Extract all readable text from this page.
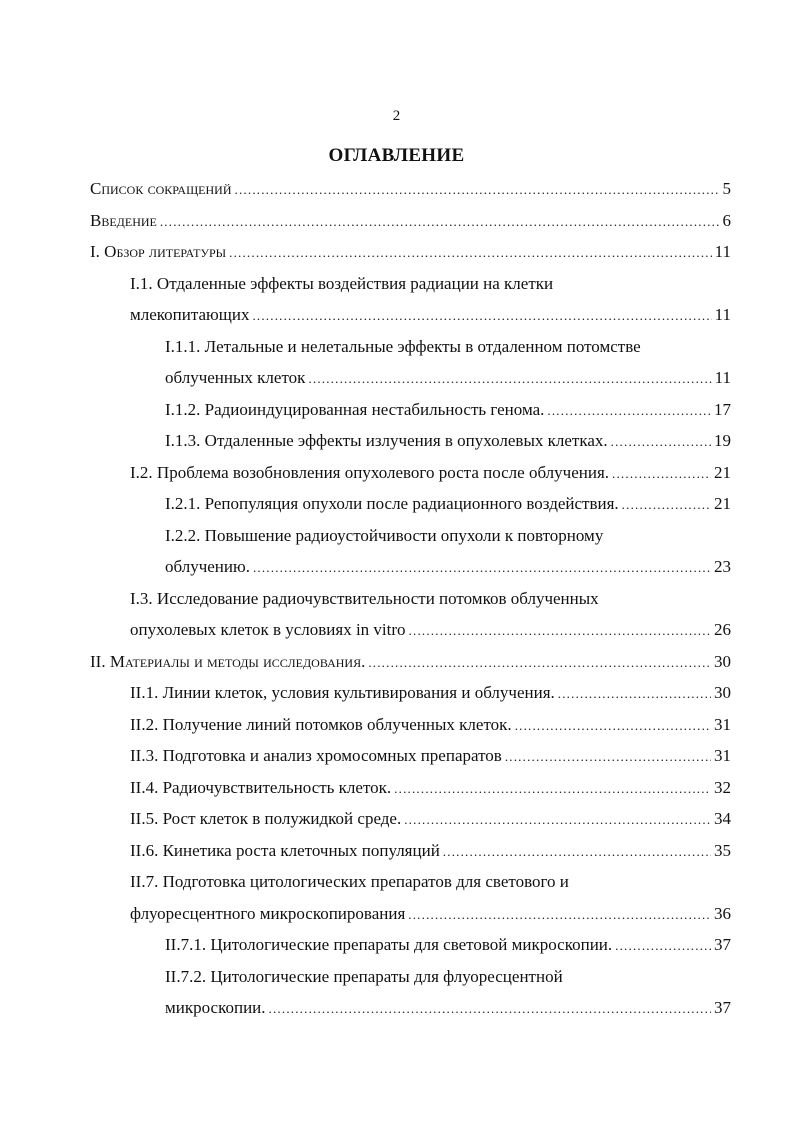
2
ОГЛАВЛЕНИЕ
Список сокращений .....	5
Введение .....	6
I. Обзор литературы .....	11
I.1. Отдаленные эффекты воздействия радиации на клетки
млекопитающих .....	11
I.1.1. Летальные и нелетальные эффекты в отдаленном потомстве
облученных клеток .....	11
I.1.2. Радиоиндуцированная нестабильность генома. .....	17
I.1.3. Отдаленные эффекты излучения в опухолевых клетках. .....	19
I.2. Проблема возобновления опухолевого роста после облучения. .....	21
I.2.1. Репопуляция опухоли после радиационного воздействия. .....	21
I.2.2. Повышение радиоустойчивости опухоли к повторному
облучению. .....	23
I.3. Исследование радиочувствительности потомков облученных
опухолевых клеток в условиях in vitro .....	26
II. Материалы и методы исследования. .....	30
II.1. Линии клеток, условия культивирования и облучения. .....	30
II.2. Получение линий потомков облученных клеток. .....	31
II.3. Подготовка и анализ хромосомных препаратов .....	31
II.4. Радиочувствительность клеток. .....	32
II.5. Рост клеток в полужидкой среде. .....	34
II.6. Кинетика роста клеточных популяций .....	35
II.7. Подготовка цитологических препаратов для светового и
флуоресцентного микроскопирования .....	36
II.7.1. Цитологические препараты для световой микроскопии. .....	37
II.7.2. Цитологические препараты для флуоресцентной
микроскопии. .....	37
